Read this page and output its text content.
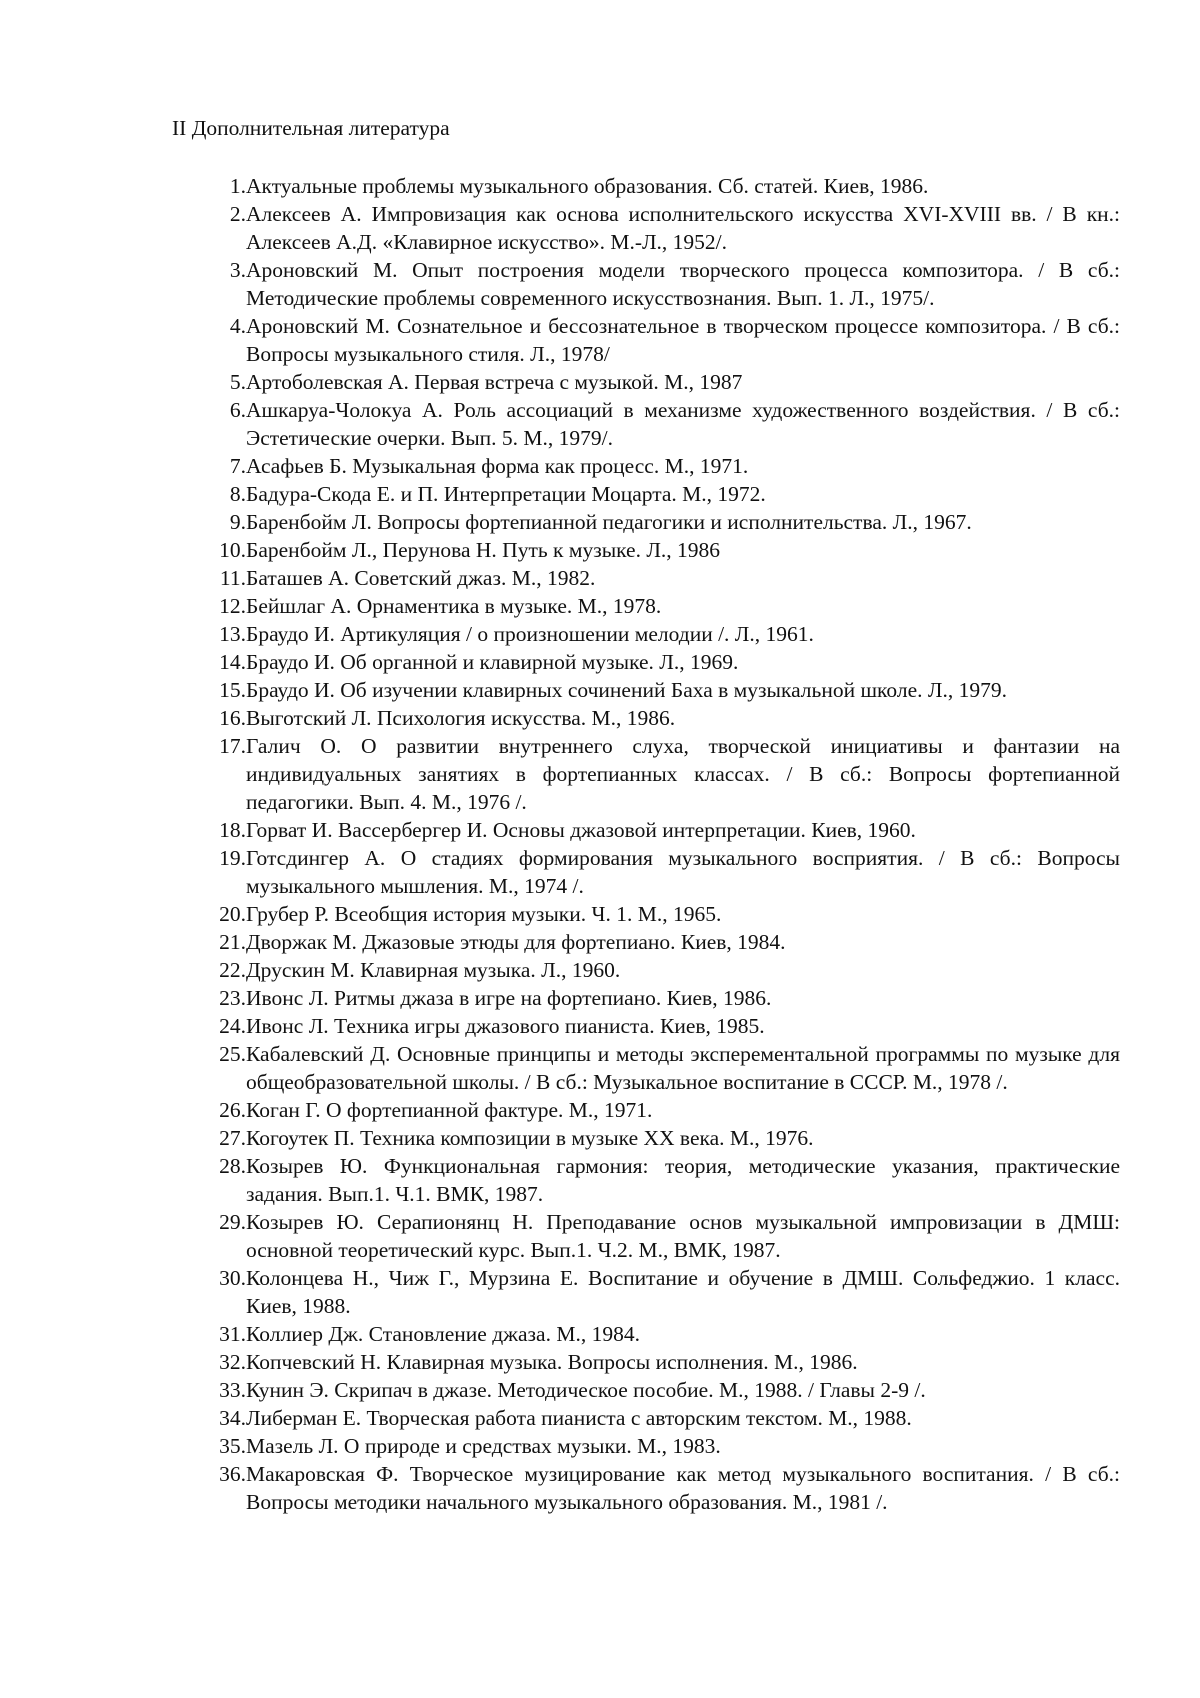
II Дополнительная литература
1. Актуальные проблемы музыкального образования. Сб. статей. Киев, 1986.
2. Алексеев А. Импровизация как основа исполнительского искусства XVI-XVIII вв. / В кн.: Алексеев А.Д. «Клавирное искусство». М.-Л., 1952/.
3. Ароновский М. Опыт построения модели творческого процесса композитора. / В сб.: Методические проблемы современного искусствознания. Вып. 1. Л., 1975/.
4. Ароновский М. Сознательное и бессознательное в творческом процессе композитора. / В сб.: Вопросы музыкального стиля. Л., 1978/
5. Артоболевская А. Первая встреча с музыкой. М., 1987
6. Ашкаруа-Чолокуа А. Роль ассоциаций в механизме художественного воздействия. / В сб.: Эстетические очерки. Вып. 5. М., 1979/.
7. Асафьев Б. Музыкальная форма как процесс. М., 1971.
8. Бадура-Скода Е. и П. Интерпретации Моцарта. М., 1972.
9. Баренбойм Л. Вопросы фортепианной педагогики и исполнительства. Л., 1967.
10. Баренбойм Л., Перунова Н. Путь к музыке. Л., 1986
11. Баташев А. Советский джаз. М., 1982.
12. Бейшлаг А. Орнаментика в музыке. М., 1978.
13. Браудо И. Артикуляция / о произношении мелодии /. Л., 1961.
14. Браудо И. Об органной и клавирной музыке. Л., 1969.
15. Браудо И. Об изучении клавирных сочинений Баха в музыкальной школе. Л., 1979.
16. Выготский Л. Психология искусства. М., 1986.
17. Галич О. О развитии внутреннего слуха, творческой инициативы и фантазии на индивидуальных занятиях в фортепианных классах. / В сб.: Вопросы фортепианной педагогики. Вып. 4. М., 1976 /.
18. Горват И. Вассербергер И. Основы джазовой интерпретации. Киев, 1960.
19. Готсдингер А. О стадиях формирования музыкального восприятия. / В сб.: Вопросы музыкального мышления. М., 1974 /.
20. Грубер Р. Всеобщия история музыки. Ч. 1. М., 1965.
21. Дворжак М. Джазовые этюды для фортепиано. Киев, 1984.
22. Друскин М. Клавирная музыка. Л., 1960.
23. Ивонс Л. Ритмы джаза в игре на фортепиано. Киев, 1986.
24. Ивонс Л. Техника игры джазового пианиста. Киев, 1985.
25. Кабалевский Д. Основные принципы и методы эксперементальной программы по музыке для общеобразовательной школы. / В сб.: Музыкальное воспитание в СССР. М., 1978 /.
26. Коган Г. О фортепианной фактуре. М., 1971.
27. Когоутек П. Техника композиции в музыке XX века. М., 1976.
28. Козырев Ю. Функциональная гармония: теория, методические указания, практические задания. Вып.1. Ч.1. ВМК, 1987.
29. Козырев Ю. Серапионянц Н. Преподавание основ музыкальной импровизации в ДМШ: основной теоретический курс. Вып.1. Ч.2. М., ВМК, 1987.
30. Колонцева Н., Чиж Г., Мурзина Е. Воспитание и обучение в ДМШ. Сольфеджио. 1 класс. Киев, 1988.
31. Коллиер Дж. Становление джаза. М., 1984.
32. Копчевский Н. Клавирная музыка. Вопросы исполнения. М., 1986.
33. Кунин Э. Скрипач в джазе. Методическое пособие. М., 1988. / Главы 2-9 /.
34. Либерман Е. Творческая работа пианиста с авторским текстом. М., 1988.
35. Мазель Л. О природе и средствах музыки. М., 1983.
36. Макаровская Ф. Творческое музицирование как метод музыкального воспитания. / В сб.: Вопросы методики начального музыкального образования. М., 1981 /.
